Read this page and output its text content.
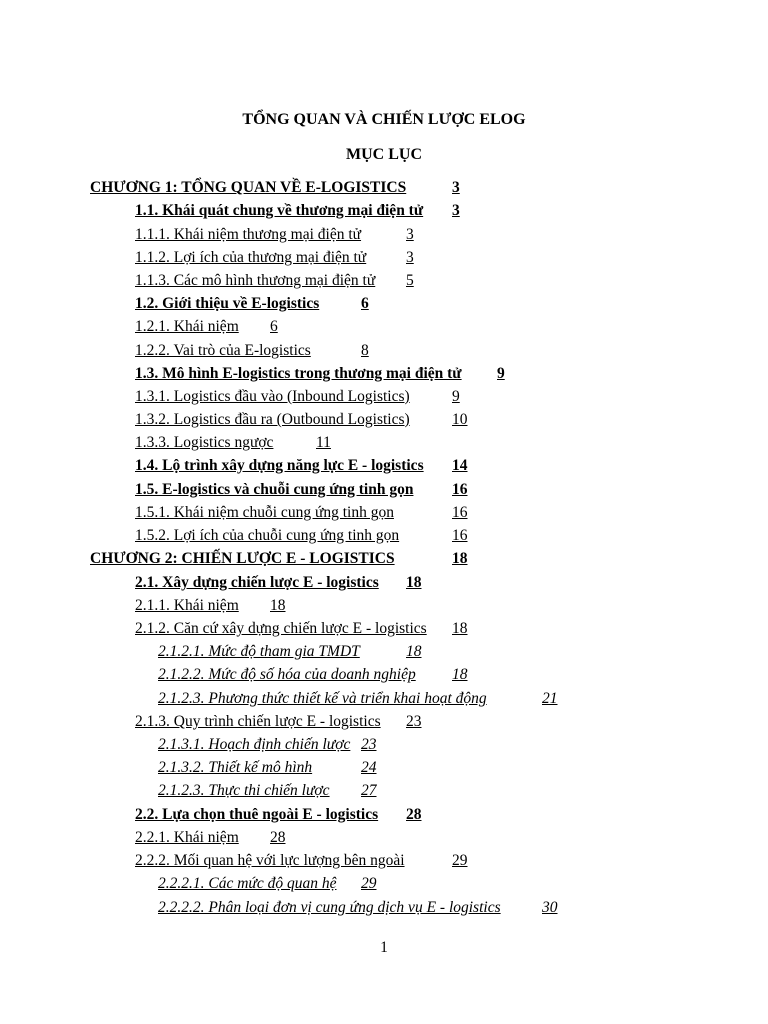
TỔNG QUAN VÀ CHIẾN LƯỢC ELOG
MỤC LỤC
CHƯƠNG 1: TỔNG QUAN VỀ E-LOGISTICS	3
1.1. Khái quát chung về thương mại điện tử 3
1.1.1. Khái niệm thương mại điện tử	3
1.1.2. Lợi ích của thương mại điện tử	3
1.1.3. Các mô hình thương mại điện tử 5
1.2. Giới thiệu về E-logistics	6
1.2.1. Khái niệm 6
1.2.2. Vai trò của E-logistics	8
1.3. Mô hình E-logistics trong thương mại điện tử 9
1.3.1. Logistics đầu vào (Inbound Logistics)	9
1.3.2. Logistics đầu ra (Outbound Logistics)	10
1.3.3. Logistics ngược	11
1.4. Lộ trình xây dựng năng lực E - logistics 14
1.5. E-logistics và chuỗi cung ứng tinh gọn 16
1.5.1. Khái niệm chuỗi cung ứng tinh gọn	16
1.5.2. Lợi ích của chuỗi cung ứng tinh gọn	16
CHƯƠNG 2: CHIẾN LƯỢC E - LOGISTICS	18
2.1. Xây dựng chiến lược E - logistics 18
2.1.1. Khái niệm 18
2.1.2. Căn cứ xây dựng chiến lược E - logistics 18
2.1.2.1. Mức độ tham gia TMDT	18
2.1.2.2. Mức độ số hóa của doanh nghiệp 18
2.1.2.3. Phương thức thiết kế và triển khai hoạt động	21
2.1.3. Quy trình chiến lược E - logistics 23
2.1.3.1. Hoạch định chiến lược 23
2.1.3.2. Thiết kế mô hình	24
2.1.2.3. Thực thi chiến lược 27
2.2. Lựa chọn thuê ngoài E - logistics 28
2.2.1. Khái niệm 28
2.2.2. Mối quan hệ với lực lượng bên ngoài	29
2.2.2.1. Các mức độ quan hệ 29
2.2.2.2. Phân loại đơn vị cung ứng dịch vụ E - logistics	30
1
